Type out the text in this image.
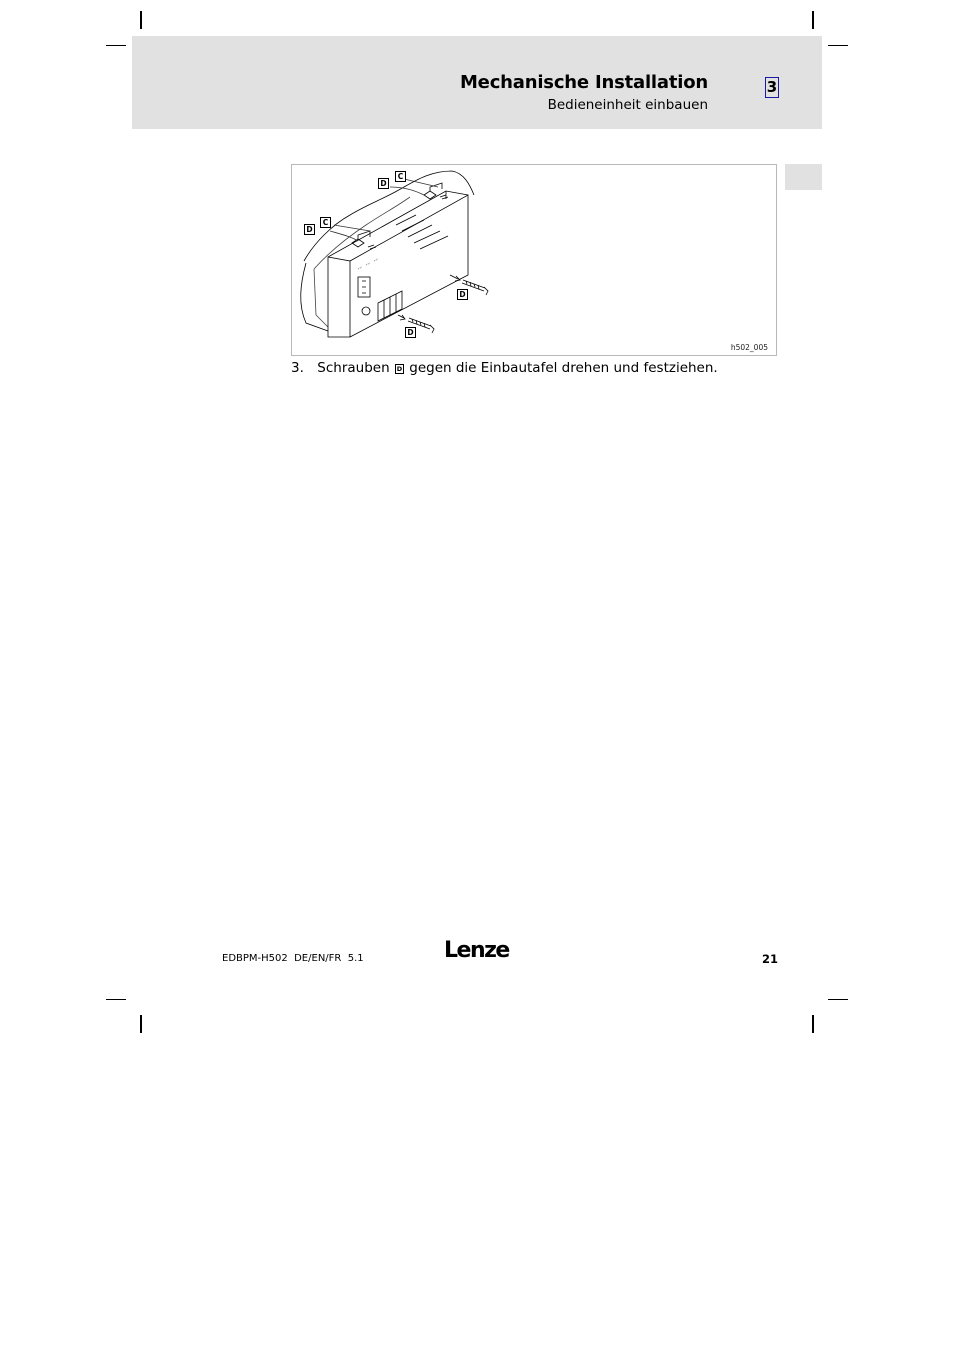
Mechanische Installation
Bedieneinheit einbauen
3
D
C
C
D
D
D
h502_005
3. Schrauben D gegen die Einbautafel drehen und festziehen.
EDBPM-H502  DE/EN/FR  5.1	Lenze	21
